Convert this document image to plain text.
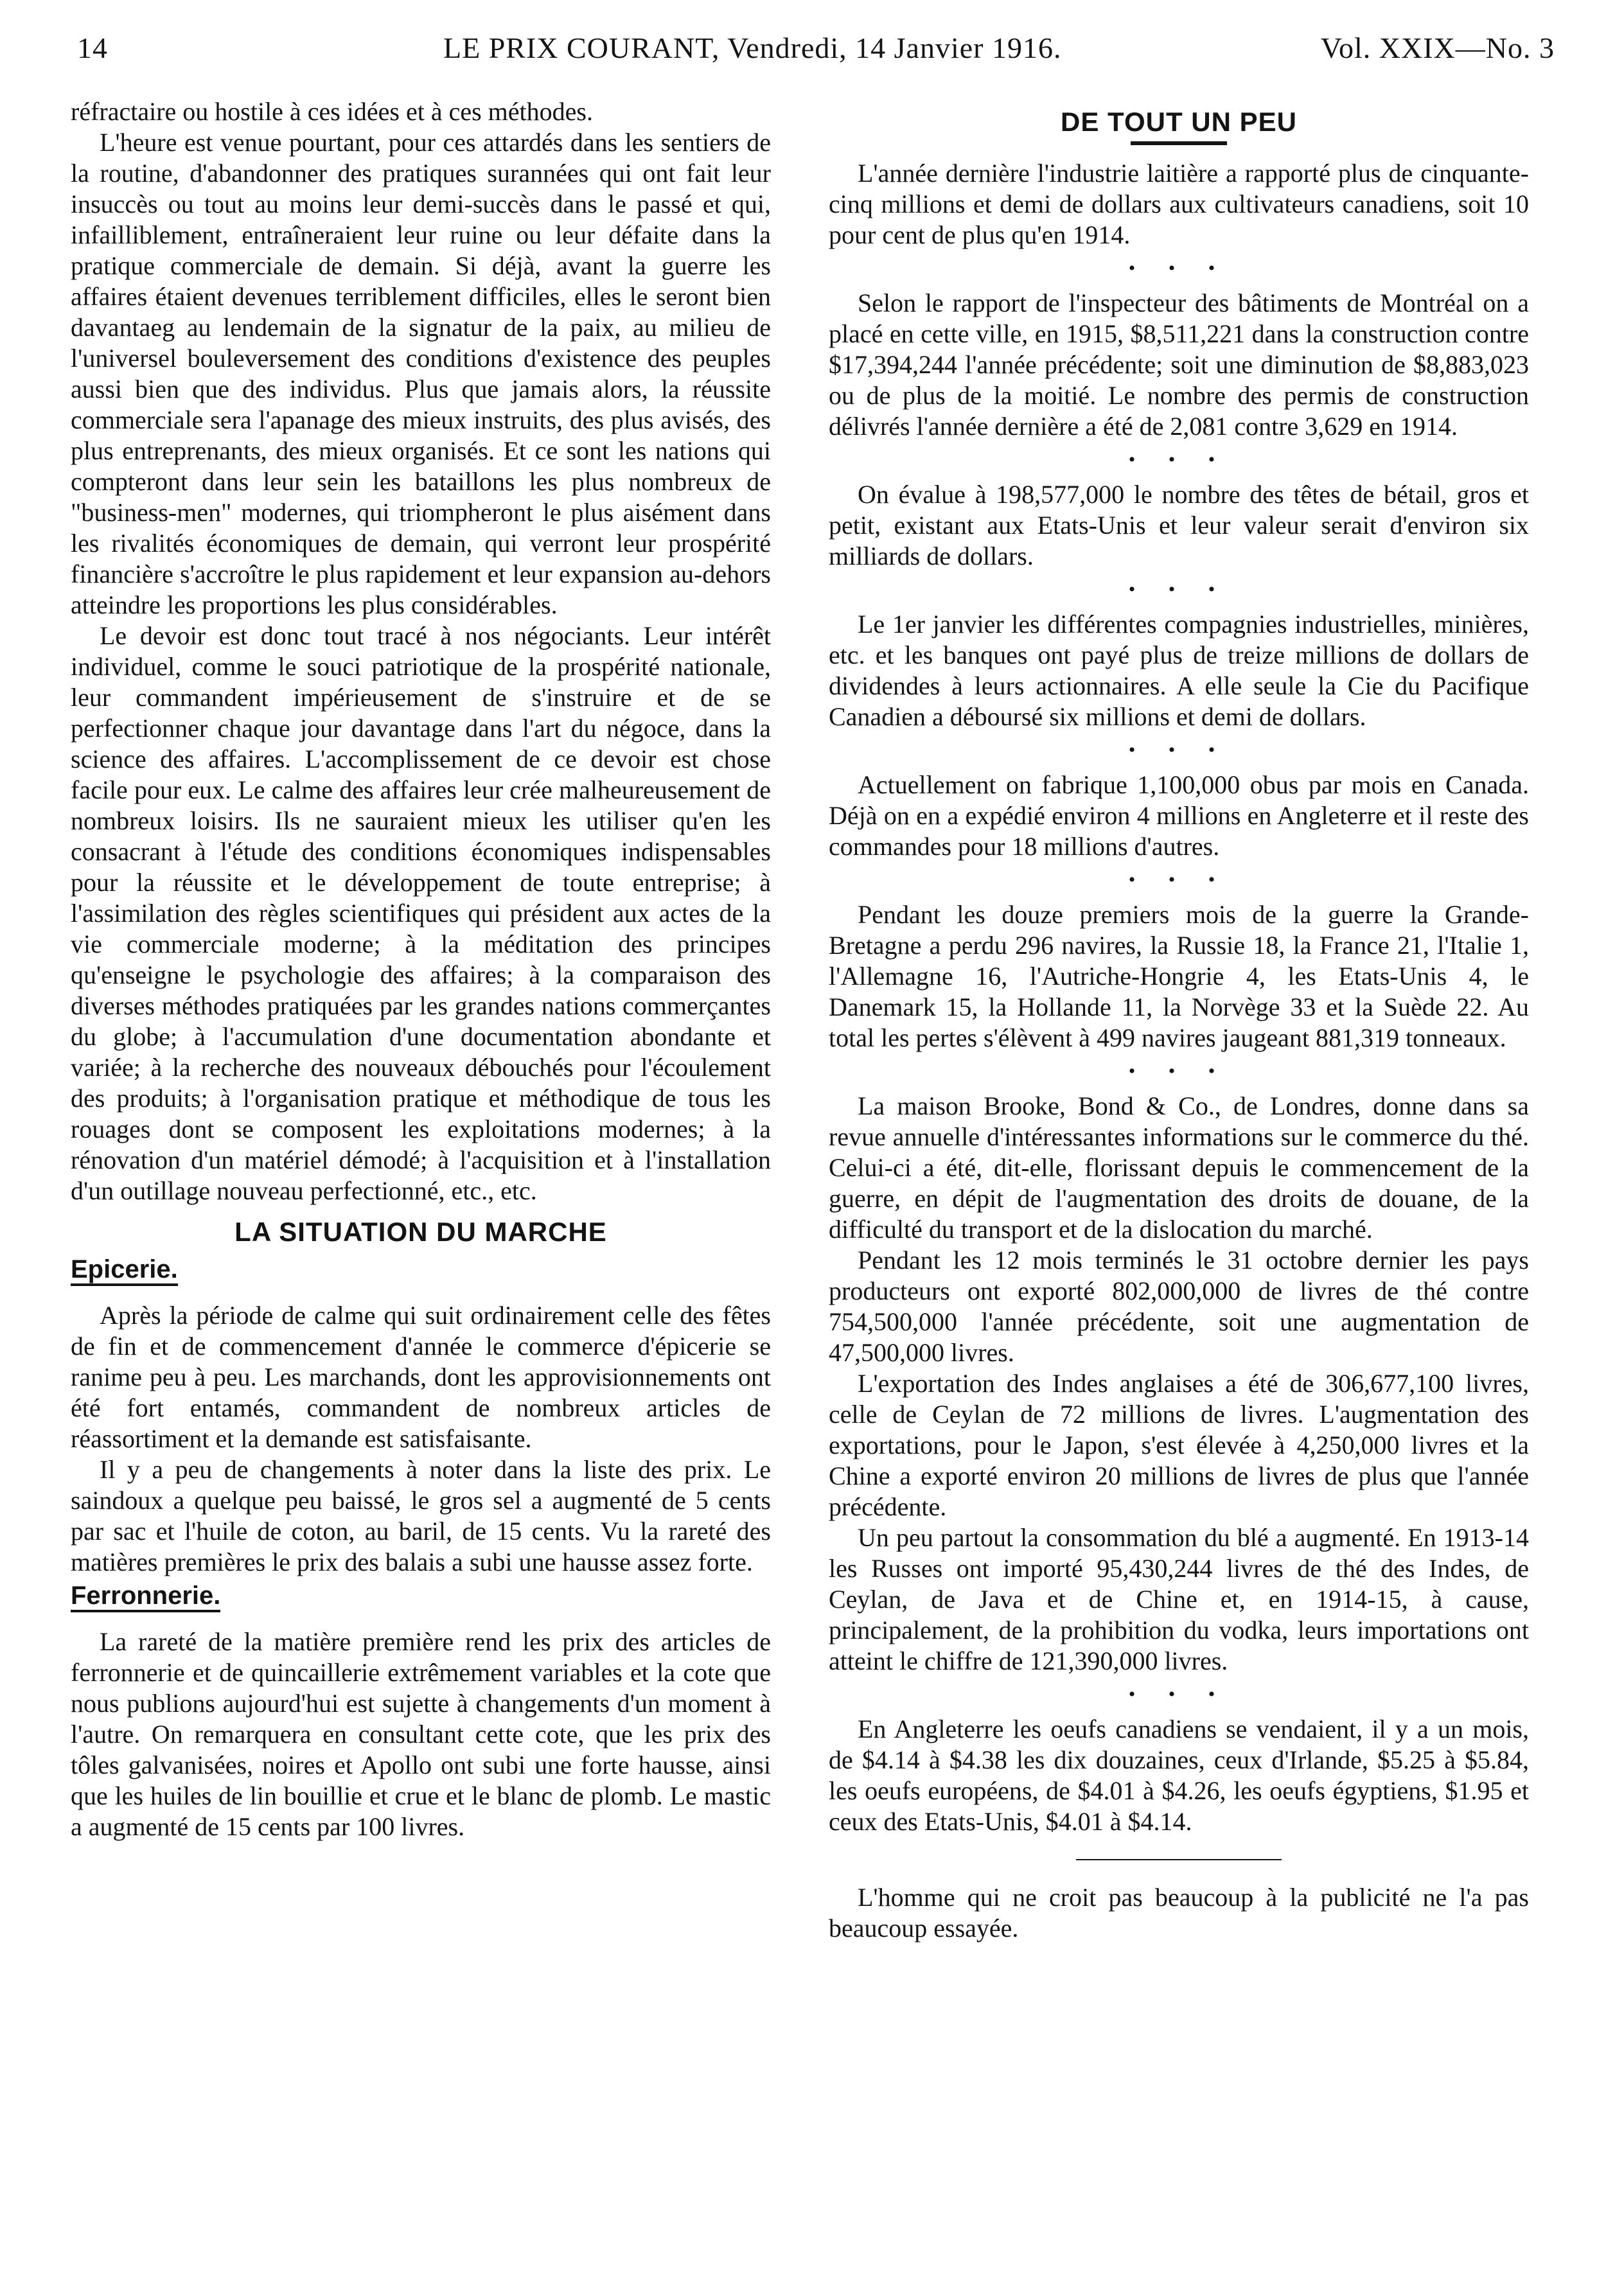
14	LE PRIX COURANT, Vendredi, 14 Janvier 1916.	Vol. XXIX—No. 3

réfractaire ou hostile à ces idées et à ces méthodes.

L'heure est venue pourtant, pour ces attardés dans les sentiers de la routine, d'abandonner des pratiques surannées qui ont fait leur insuccès ou tout au moins leur demi-succès dans le passé et qui, infailliblement, entraîneraient leur ruine ou leur défaite dans la pratique commerciale de demain. Si déjà, avant la guerre les affaires étaient devenues terriblement difficiles, elles le seront bien davantaeg au lendemain de la signatur de la paix, au milieu de l'universel bouleversement des conditions d'existence des peuples aussi bien que des individus. Plus que jamais alors, la réussite commerciale sera l'apanage des mieux instruits, des plus avisés, des plus entreprenants, des mieux organisés. Et ce sont les nations qui compteront dans leur sein les bataillons les plus nombreux de "business-men" modernes, qui triompheront le plus aisément dans les rivalités économiques de demain, qui verront leur prospérité financière s'accroître le plus rapidement et leur expansion au-dehors atteindre les proportions les plus considérables.

Le devoir est donc tout tracé à nos négociants. Leur intérêt individuel, comme le souci patriotique de la prospérité nationale, leur commandent impérieusement de s'instruire et de se perfectionner chaque jour davantage dans l'art du négoce, dans la science des affaires. L'accomplissement de ce devoir est chose facile pour eux. Le calme des affaires leur crée malheureusement de nombreux loisirs. Ils ne sauraient mieux les utiliser qu'en les consacrant à l'étude des conditions économiques indispensables pour la réussite et le développement de toute entreprise; à l'assimilation des règles scientifiques qui président aux actes de la vie commerciale moderne; à la méditation des principes qu'enseigne le psychologie des affaires; à la comparaison des diverses méthodes pratiquées par les grandes nations commerçantes du globe; à l'accumulation d'une documentation abondante et variée; à la recherche des nouveaux débouchés pour l'écoulement des produits; à l'organisation pratique et méthodique de tous les rouages dont se composent les exploitations modernes; à la rénovation d'un matériel démodé; à l'acquisition et à l'installation d'un outillage nouveau perfectionné, etc., etc.

LA SITUATION DU MARCHE
Epicerie.

Après la période de calme qui suit ordinairement celle des fêtes de fin et de commencement d'année le commerce d'épicerie se ranime peu à peu. Les marchands, dont les approvisionnements ont été fort entamés, commandent de nombreux articles de réassortiment et la demande est satisfaisante.

Il y a peu de changements à noter dans la liste des prix. Le saindoux a quelque peu baissé, le gros sel a augmenté de 5 cents par sac et l'huile de coton, au baril, de 15 cents. Vu la rareté des matières premières le prix des balais a subi une hausse assez forte.

Ferronnerie.

La rareté de la matière première rend les prix des articles de ferronnerie et de quincaillerie extrêmement variables et la cote que nous publions aujourd'hui est sujette à changements d'un moment à l'autre. On remarquera en consultant cette cote, que les prix des tôles galvanisées, noires et Apollo ont subi une forte hausse, ainsi que les huiles de lin bouillie et crue et le blanc de plomb. Le mastic a augmenté de 15 cents par 100 livres.

DE TOUT UN PEU

L'année dernière l'industrie laitière a rapporté plus de cinquante-cinq millions et demi de dollars aux cultivateurs canadiens, soit 10 pour cent de plus qu'en 1914.

• • •

Selon le rapport de l'inspecteur des bâtiments de Montréal on a placé en cette ville, en 1915, $8,511,221 dans la construction contre $17,394,244 l'année précédente; soit une diminution de $8,883,023 ou de plus de la moitié. Le nombre des permis de construction délivrés l'année dernière a été de 2,081 contre 3,629 en 1914.

• • •

On évalue à 198,577,000 le nombre des têtes de bétail, gros et petit, existant aux Etats-Unis et leur valeur serait d'environ six milliards de dollars.

• • •

Le 1er janvier les différentes compagnies industrielles, minières, etc. et les banques ont payé plus de treize millions de dollars de dividendes à leurs actionnaires. A elle seule la Cie du Pacifique Canadien a déboursé six millions et demi de dollars.

• • •

Actuellement on fabrique 1,100,000 obus par mois en Canada. Déjà on en a expédié environ 4 millions en Angleterre et il reste des commandes pour 18 millions d'autres.

• • •

Pendant les douze premiers mois de la guerre la Grande-Bretagne a perdu 296 navires, la Russie 18, la France 21, l'Italie 1, l'Allemagne 16, l'Autriche-Hongrie 4, les Etats-Unis 4, le Danemark 15, la Hollande 11, la Norvège 33 et la Suède 22. Au total les pertes s'élèvent à 499 navires jaugeant 881,319 tonneaux.

• • •

La maison Brooke, Bond & Co., de Londres, donne dans sa revue annuelle d'intéressantes informations sur le commerce du thé. Celui-ci a été, dit-elle, florissant depuis le commencement de la guerre, en dépit de l'augmentation des droits de douane, de la difficulté du transport et de la dislocation du marché.

Pendant les 12 mois terminés le 31 octobre dernier les pays producteurs ont exporté 802,000,000 de livres de thé contre 754,500,000 l'année précédente, soit une augmentation de 47,500,000 livres.

L'exportation des Indes anglaises a été de 306,677,100 livres, celle de Ceylan de 72 millions de livres. L'augmentation des exportations, pour le Japon, s'est élevée à 4,250,000 livres et la Chine a exporté environ 20 millions de livres de plus que l'année précédente.

Un peu partout la consommation du blé a augmenté. En 1913-14 les Russes ont importé 95,430,244 livres de thé des Indes, de Ceylan, de Java et de Chine et, en 1914-15, à cause, principalement, de la prohibition du vodka, leurs importations ont atteint le chiffre de 121,390,000 livres.

• • •

En Angleterre les oeufs canadiens se vendaient, il y a un mois, de $4.14 à $4.38 les dix douzaines, ceux d'Irlande, $5.25 à $5.84, les oeufs européens, de $4.01 à $4.26, les oeufs égyptiens, $1.95 et ceux des Etats-Unis, $4.01 à $4.14.

L'homme qui ne croit pas beaucoup à la publicité ne l'a pas beaucoup essayée.
